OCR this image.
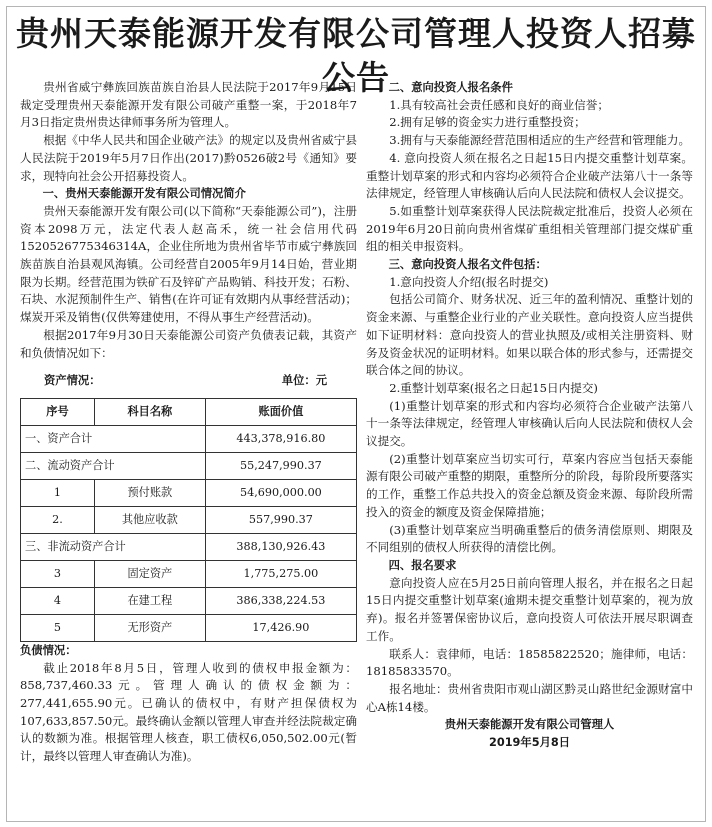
贵州天泰能源开发有限公司管理人投资人招募公告

贵州省威宁彝族回族苗族自治县人民法院于2017年9月15日裁定受理贵州天泰能源开发有限公司破产重整一案，于2018年7月3日指定贵州贵达律师事务所为管理人。

根据《中华人民共和国企业破产法》的规定以及贵州省威宁县人民法院于2019年5月7日作出(2017)黔0526破2号《通知》要求，现特向社会公开招募投资人。

一、贵州天泰能源开发有限公司情况简介

贵州天泰能源开发有限公司(以下简称“天泰能源公司”)，注册资本2098万元，法定代表人赵高禾，统一社会信用代码1520526775346314A，企业住所地为贵州省毕节市威宁彝族回族苗族自治县观风海镇。公司经营自2005年9月14日始，营业期限为长期。经营范围为铁矿石及锌矿产品购销、科技开发；石粉、石块、水泥预制件生产、销售(在许可证有效期内从事经营活动)；煤炭开采及销售(仅供筹建使用，不得从事生产经营活动)。

根据2017年9月30日天泰能源公司资产负债表记载，其资产和负债情况如下：

资产情况：	单位：元
序号	科目名称	账面价值
一、资产合计		443,378,916.80
二、流动资产合计		55,247,990.37
1	预付账款	54,690,000.00
2.	其他应收款	557,990.37
三、非流动资产合计		388,130,926.43
3	固定资产	1,775,275.00
4	在建工程	386,338,224.53
5	无形资产	17,426.90

负债情况：

截止2018年8月5日，管理人收到的债权申报金额为：858,737,460.33元。管理人确认的债权金额为：277,441,655.90元。已确认的债权中，有财产担保债权为107,633,857.50元。最终确认金额以管理人审查并经法院裁定确认的数额为准。根据管理人核查，职工债权6,050,502.00元(暂计，最终以管理人审查确认为准)。

二、意向投资人报名条件

1.具有较高社会责任感和良好的商业信誉；

2.拥有足够的资金实力进行重整投资；

3.拥有与天泰能源经营范围相适应的生产经营和管理能力。

4. 意向投资人须在报名之日起15日内提交重整计划草案。重整计划草案的形式和内容均必须符合企业破产法第八十一条等法律规定，经管理人审核确认后向人民法院和债权人会议提交。

5.如重整计划草案获得人民法院裁定批准后，投资人必须在2019年6月20日前向贵州省煤矿重组相关管理部门提交煤矿重组的相关申报资料。

三、意向投资人报名文件包括：

1.意向投资人介绍(报名时提交)

包括公司简介、财务状况、近三年的盈利情况、重整计划的资金来源、与重整企业行业的产业关联性。意向投资人应当提供如下证明材料：意向投资人的营业执照及/或相关注册资料、财务及资金状况的证明材料。如果以联合体的形式参与，还需提交联合体之间的协议。

2.重整计划草案(报名之日起15日内提交)

(1)重整计划草案的形式和内容均必须符合企业破产法第八十一条等法律规定，经管理人审核确认后向人民法院和债权人会议提交。

(2)重整计划草案应当切实可行，草案内容应当包括天泰能源有限公司破产重整的期限，重整所分的阶段，每阶段所要落实的工作，重整工作总共投入的资金总额及资金来源、每阶段所需投入的资金的额度及资金保障措施；

(3)重整计划草案应当明确重整后的债务清偿原则、期限及不同组别的债权人所获得的清偿比例。

四、报名要求

意向投资人应在5月25日前向管理人报名，并在报名之日起15日内提交重整计划草案(逾期未提交重整计划草案的，视为放弃)。报名并签署保密协议后，意向投资人可依法开展尽职调查工作。

联系人：袁律师，电话：18585822520；施律师，电话：18185833570。

报名地址：贵州省贵阳市观山湖区黔灵山路世纪金源财富中心A栋14楼。

贵州天泰能源开发有限公司管理人

2019年5月8日
